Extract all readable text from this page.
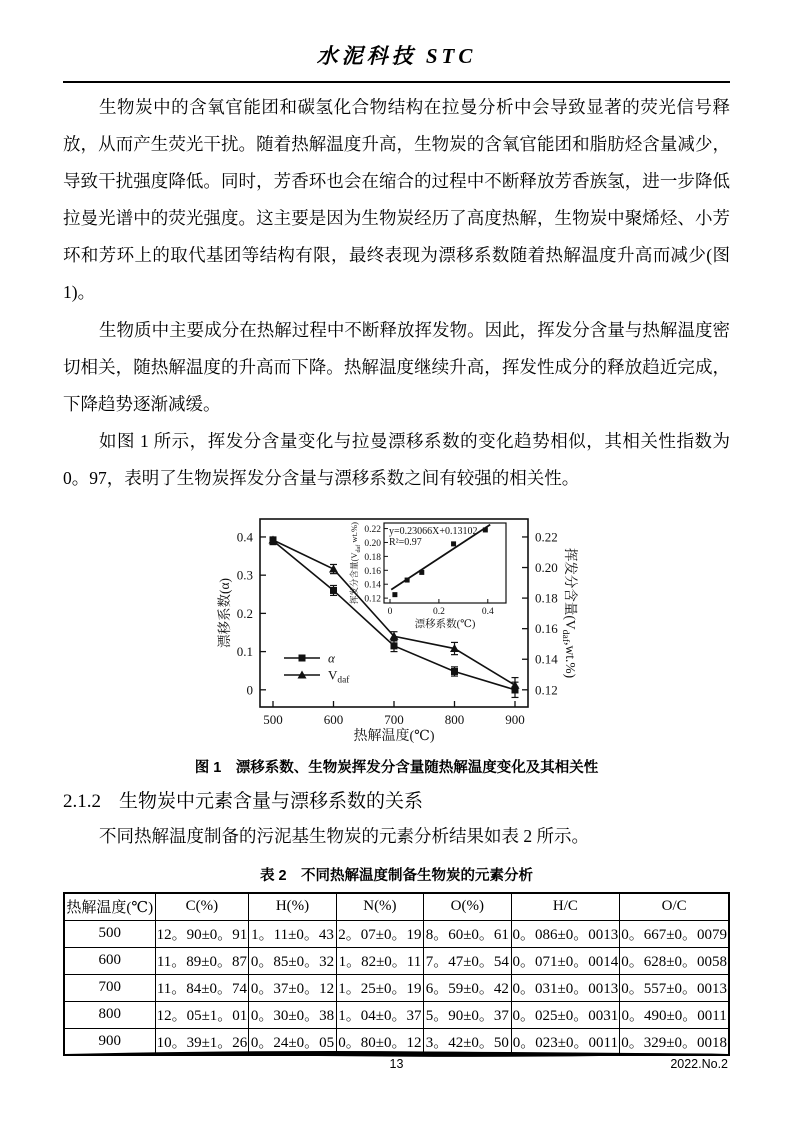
水泥科技 STC

生物炭中的含氧官能团和碳氢化合物结构在拉曼分析中会导致显著的荧光信号释放，从而产生荧光干扰。随着热解温度升高，生物炭的含氧官能团和脂肪烃含量减少，导致干扰强度降低。同时，芳香环也会在缩合的过程中不断释放芳香族氢，进一步降低拉曼光谱中的荧光强度。这主要是因为生物炭经历了高度热解，生物炭中聚烯烃、小芳环和芳环上的取代基团等结构有限，最终表现为漂移系数随着热解温度升高而减少(图 1)。

生物质中主要成分在热解过程中不断释放挥发物。因此，挥发分含量与热解温度密切相关，随热解温度的升高而下降。热解温度继续升高，挥发性成分的释放趋近完成，下降趋势逐渐减缓。

如图 1 所示，挥发分含量变化与拉曼漂移系数的变化趋势相似，其相关性指数为 0。97，表明了生物炭挥发分含量与漂移系数之间有较强的相关性。

500	600	700	800	900
热解温度(℃)
0
0.1
0.2
0.3
0.4
漂移系数(α)
0.12
0.14
0.16
0.18
0.20
0.22
挥发分含量$(V_{daf},wt.\%)$
α
$V_{daf}$
0.12
0.14
0.16
0.18
0.20
0.22
0	0.2	0.4
y=0.23066X+0.13102
R²=0.97
挥发分含量($V_{daf}$ wt.%)
漂移系数(℃)
图 1　漂移系数、生物炭挥发分含量随热解温度变化及其相关性
2.1.2 生物炭中元素含量与漂移系数的关系

不同热解温度制备的污泥基生物炭的元素分析结果如表 2 所示。

表 2　不同热解温度制备生物炭的元素分析
热解温度(℃)	C(%)	H(%)	N(%)	O(%)	H/C	O/C
500	12。90±0。91	1。11±0。43	2。07±0。19	8。60±0。61	0。086±0。0013	0。667±0。0079
600	11。89±0。87	0。85±0。32	1。82±0。11	7。47±0。54	0。071±0。0014	0。628±0。0058
700	11。84±0。74	0。37±0。12	1。25±0。19	6。59±0。42	0。031±0。0013	0。557±0。0013
800	12。05±1。01	0。30±0。38	1。04±0。37	5。90±0。37	0。025±0。0031	0。490±0。0011
900	10。39±1。26	0。24±0。05	0。80±0。12	3。42±0。50	0。023±0。0011	0。329±0。0018
13	2022.No.2
